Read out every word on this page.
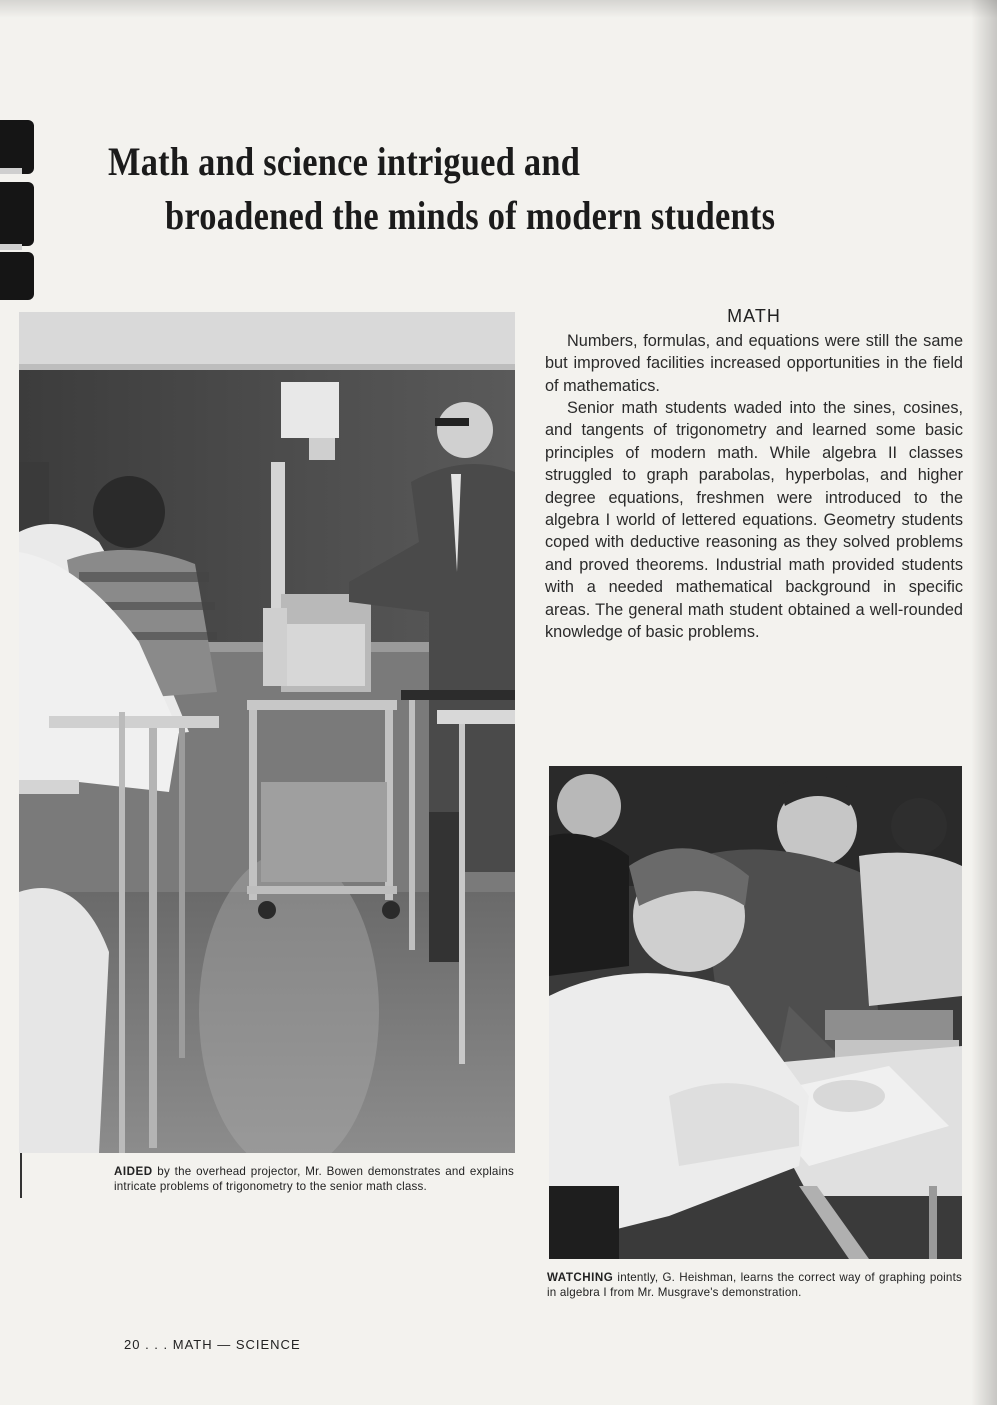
Math and science intrigued and
broadened the minds of modern students

AIDED by the overhead projector, Mr. Bowen demonstrates and explains intricate problems of trigonometry to the senior math class.

MATH

Numbers, formulas, and equations were still the same but improved facilities increased opportunities in the field of mathematics.

Senior math students waded into the sines, cosines, and tangents of trigonometry and learned some basic principles of modern math. While algebra II classes struggled to graph parabolas, hyperbolas, and higher degree equations, freshmen were introduced to the algebra I world of lettered equations. Geometry students coped with deductive reasoning as they solved problems and proved theorems. Industrial math provided students with a needed mathematical background in specific areas. The general math student obtained a well-rounded knowledge of basic problems.

WATCHING intently, G. Heishman, learns the correct way of graphing points in algebra I from Mr. Musgrave's demonstration.

20 . . . MATH — SCIENCE
